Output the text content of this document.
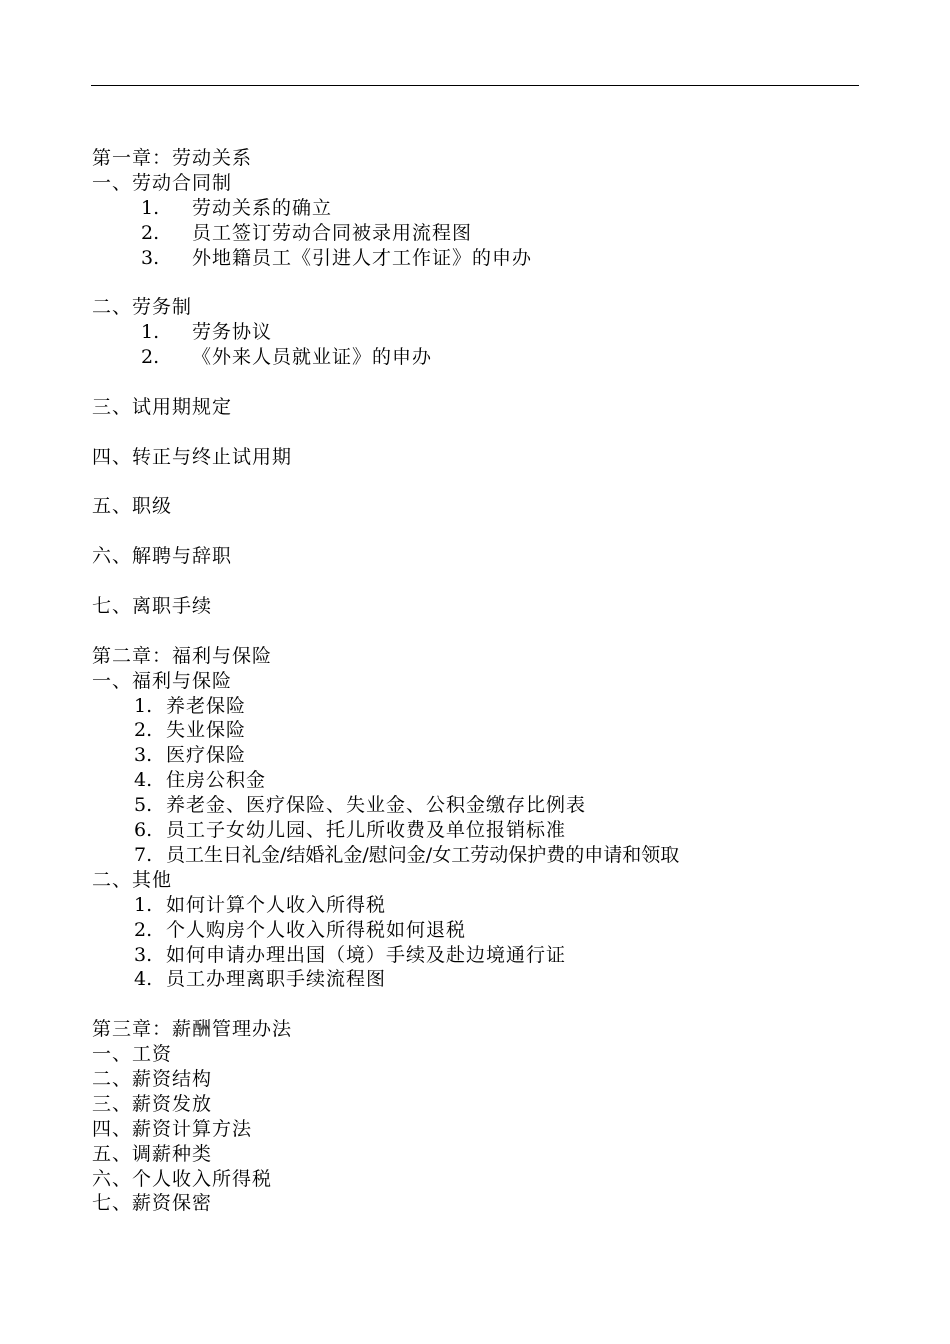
第一章：劳动关系
一、劳动合同制
1. 劳动关系的确立
2. 员工签订劳动合同被录用流程图
3. 外地籍员工《引进人才工作证》的申办
二、劳务制
1. 劳务协议
2. 《外来人员就业证》的申办
三、试用期规定
四、转正与终止试用期
五、职级
六、解聘与辞职
七、离职手续
第二章：福利与保险
一、福利与保险
1. 养老保险
2. 失业保险
3. 医疗保险
4. 住房公积金
5. 养老金、医疗保险、失业金、公积金缴存比例表
6. 员工子女幼儿园、托儿所收费及单位报销标准
7. 员工生日礼金/结婚礼金/慰问金/女工劳动保护费的申请和领取
二、其他
1. 如何计算个人收入所得税
2. 个人购房个人收入所得税如何退税
3. 如何申请办理出国（境）手续及赴边境通行证
4. 员工办理离职手续流程图
第三章：薪酬管理办法
一、工资
二、薪资结构
三、薪资发放
四、薪资计算方法
五、调薪种类
六、个人收入所得税
七、薪资保密
